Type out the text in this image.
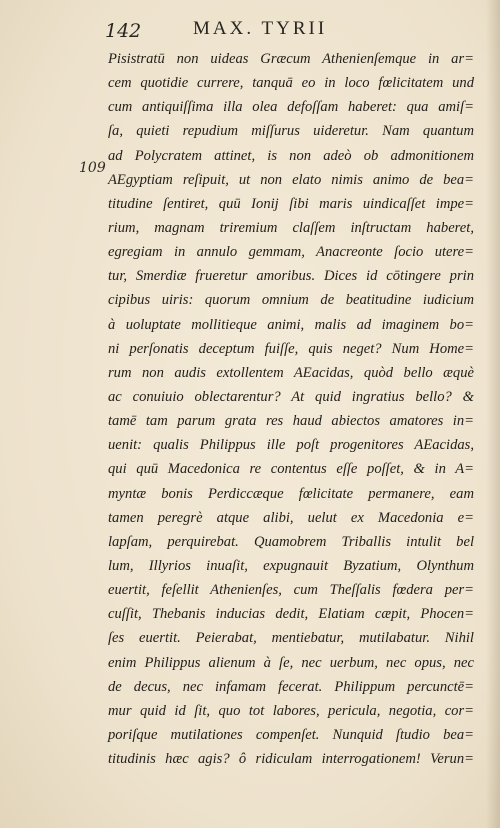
142	MAX. TYRII
109
Pisistratū non uideas Græcum Athenienſemque in ar=
cem quotidie currere, tanquā eo in loco fœlicitatem und
cum antiquiſſima illa olea defoſſam haberet: qua amiſ=
ſa, quieti repudium miſſurus uideretur. Nam quantum
ad Polycratem attinet, is non adeò ob admonitionem
AEgyptiam reſipuit, ut non elato nimis animo de bea=
titudine ſentiret, quū Ionij ſibi maris uindicaſſet impe=
rium, magnam triremium claſſem inſtructam haberet,
egregiam in annulo gemmam, Anacreonte ſocio utere=
tur, Smerdiæ frueretur amoribus. Dices id cōtingere prin
cipibus uiris: quorum omnium de beatitudine iudicium
à uoluptate mollitieque animi, malis ad imaginem bo=
ni perſonatis deceptum fuiſſe, quis neget? Num Home=
rum non audis extollentem AEacidas, quòd bello æquè
ac conuiuio oblectarentur? At quid ingratius bello? &
tamē tam parum grata res haud abiectos amatores in=
uenit: qualis Philippus ille poſt progenitores AEacidas,
qui quū Macedonica re contentus eſſe poſſet, & in A=
myntæ bonis Perdiccæque fœlicitate permanere, eam
tamen peregrè atque alibi, uelut ex Macedonia e=
lapſam, perquirebat. Quamobrem Triballis intulit bel
lum, Illyrios inuaſit, expugnauit Byzatium, Olynthum
euertit, feſellit Athenienſes, cum Theſſalis fœdera per=
cuſſit, Thebanis inducias dedit, Elatiam cæpit, Phocen=
ſes euertit. Peierabat, mentiebatur, mutilabatur. Nihil
enim Philippus alienum à ſe, nec uerbum, nec opus, nec
de decus, nec infamam fecerat. Philippum percunctē=
mur quid id ſit, quo tot labores, pericula, negotia, cor=
poriſque mutilationes compenſet. Nunquid ſtudio bea=
titudinis hæc agis? ô ridiculam interrogationem! Verun=
